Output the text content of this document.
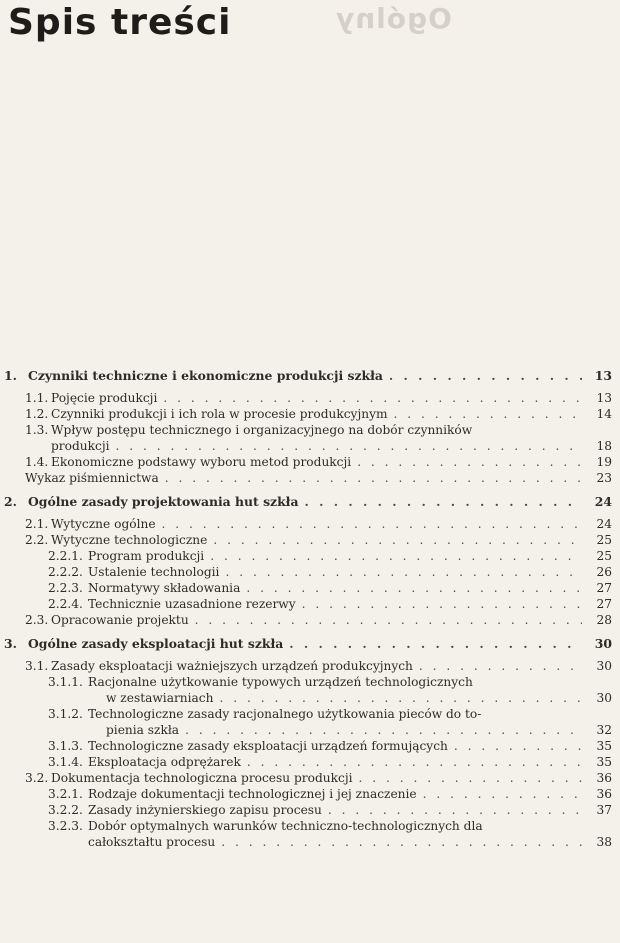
Ogólny
Spis treści
1. Czynniki techniczne i ekonomiczne produkcji szkła . . .	13
1.1. Pojęcie produkcji . . .	13
1.2. Czynniki produkcji i ich rola w procesie produkcyjnym . . .	14
1.3. Wpływ postępu technicznego i organizacyjnego na dobór czynników
produkcji . . .	18
1.4. Ekonomiczne podstawy wyboru metod produkcji . . .	19
Wykaz piśmiennictwa . . .	23
2. Ogólne zasady projektowania hut szkła . . .	24
2.1. Wytyczne ogólne . . .	24
2.2. Wytyczne technologiczne . . .	25
2.2.1. Program produkcji . . .	25
2.2.2. Ustalenie technologii . . .	26
2.2.3. Normatywy składowania . . .	27
2.2.4. Technicznie uzasadnione rezerwy . . .	27
2.3. Opracowanie projektu . . .	28
3. Ogólne zasady eksploatacji hut szkła . . .	30
3.1. Zasady eksploatacji ważniejszych urządzeń produkcyjnych . . .	30
3.1.1. Racjonalne użytkowanie typowych urządzeń technologicznych
w zestawiarniach . . .	30
3.1.2. Technologiczne zasady racjonalnego użytkowania pieców do to-
pienia szkła . . .	32
3.1.3. Technologiczne zasady eksploatacji urządzeń formujących . . .	35
3.1.4. Eksploatacja odprężarek . . .	35
3.2. Dokumentacja technologiczna procesu produkcji . . .	36
3.2.1. Rodzaje dokumentacji technologicznej i jej znaczenie . . .	36
3.2.2. Zasady inżynierskiego zapisu procesu . . .	37
3.2.3. Dobór optymalnych warunków techniczno-technologicznych dla
całokształtu procesu . . .	38
